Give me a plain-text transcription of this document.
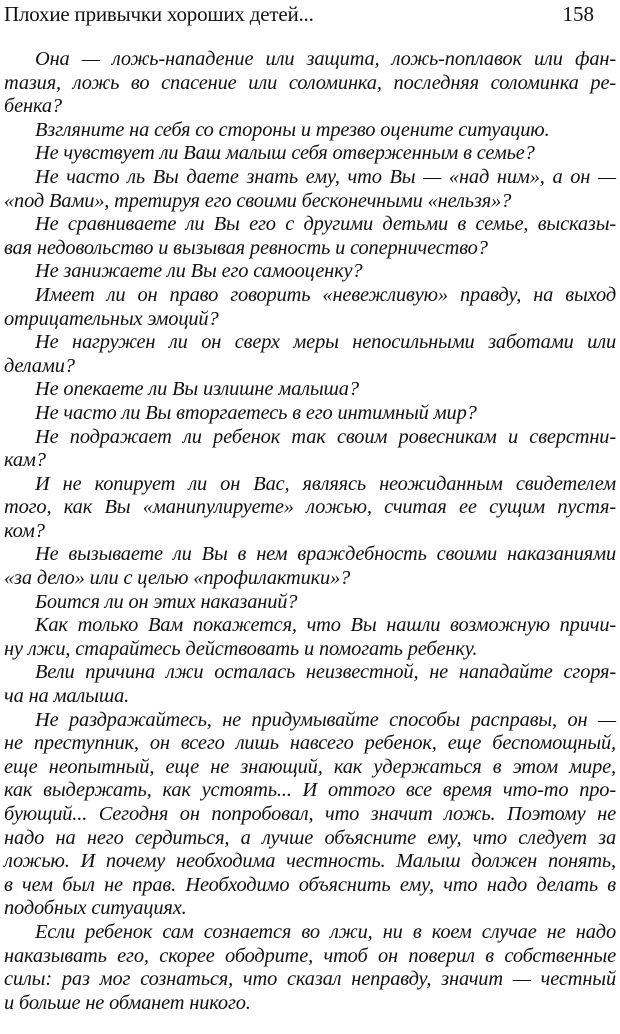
Плохие привычки хороших детей...	158
Она — ложь-нападение или защита, ложь-поплавок или фан-
тазия, ложь во спасение или соломинка, последняя соломинка ре-
бенка?
Взгляните на себя со стороны и трезво оцените ситуацию.
Не чувствует ли Ваш малыш себя отверженным в семье?
Не часто ль Вы даете знать ему, что Вы — «над ним», а он —
«под Вами», третируя его своими бесконечными «нельзя»?
Не сравниваете ли Вы его с другими детьми в семье, высказы-
вая недовольство и вызывая ревность и соперничество?
Не занижаете ли Вы его самооценку?
Имеет ли он право говорить «невежливую» правду, на выход
отрицательных эмоций?
Не нагружен ли он сверх меры непосильными заботами или
делами?
Не опекаете ли Вы излишне малыша?
Не часто ли Вы вторгаетесь в его интимный мир?
Не подражает ли ребенок так своим ровесникам и сверстни-
кам?
И не копирует ли он Вас, являясь неожиданным свидетелем
того, как Вы «манипулируете» ложью, считая ее сущим пустя-
ком?
Не вызываете ли Вы в нем враждебность своими наказаниями
«за дело» или с целью «профилактики»?
Боится ли он этих наказаний?
Как только Вам покажется, что Вы нашли возможную причи-
ну лжи, старайтесь действовать и помогать ребенку.
Вели причина лжи осталась неизвестной, не нападайте сгоря-
ча на малыша.
Не раздражайтесь, не придумывайте способы расправы, он —
не преступник, он всего лишь навсегo ребенок, еще беспомощный,
еще неопытный, еще не знающий, как удержаться в этом мире,
как выдержать, как устоять... И оттого все время что-то про-
бующий... Сегодня он попробовал, что значит ложь. Поэтому не
надо на него сердиться, а лучше объясните ему, что следует за
ложью. И почему необходима честность. Малыш должен понять,
в чем был не прав. Необходимо объяснить ему, что надо делать в
подобных ситуациях.
Если ребенок сам сознается во лжи, ни в коем случае не надо
наказывать его, скорее ободрите, чтоб он поверил в собственные
силы: раз мог сознаться, что сказал неправду, значит — честный
и больше не обманет никого.
